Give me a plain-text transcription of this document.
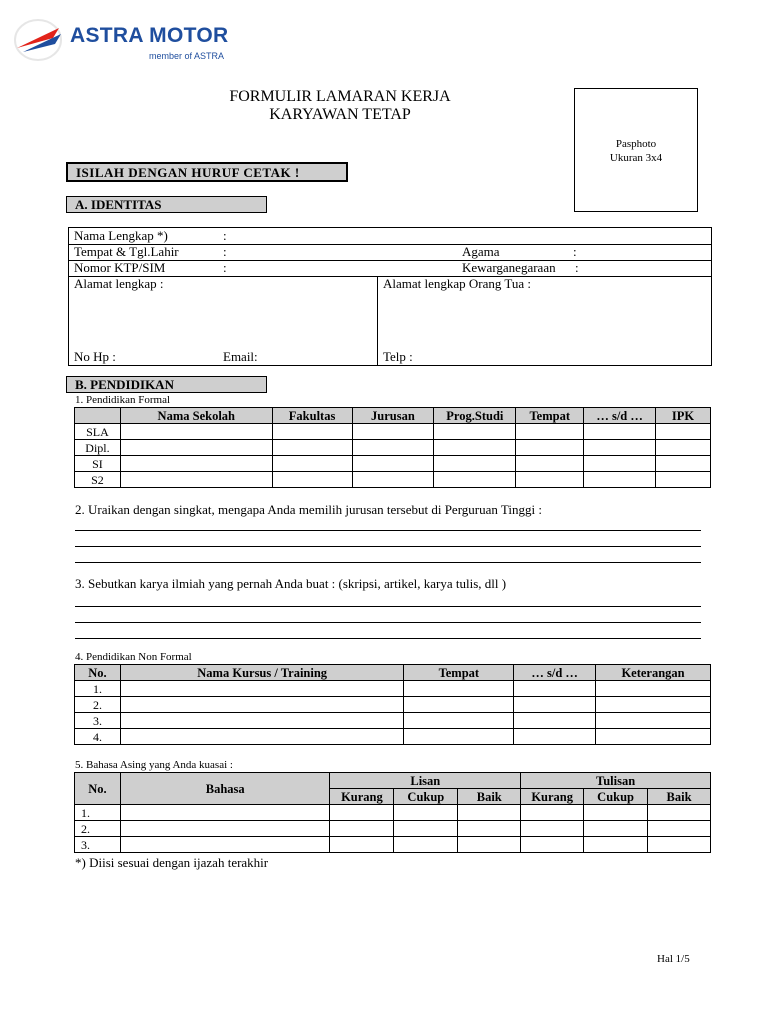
ASTRA MOTOR
member of ASTRA
FORMULIR LAMARAN KERJA
KARYAWAN TETAP
Pasphoto
Ukuran 3x4
ISILAH DENGAN HURUF CETAK !
A. IDENTITAS
Nama Lengkap *)	:
Tempat & Tgl.Lahir	:	Agama	:
Nomor KTP/SIM	:	Kewarganegaraan :
Alamat lengkap :	Alamat lengkap Orang Tua :
No Hp :	Email:	Telp :
B. PENDIDIKAN
1. Pendidikan Formal
	Nama Sekolah	Fakultas	Jurusan	Prog.Studi	Tempat	… s/d …	IPK
SLA							
Dipl.							
SI							
S2							
2. Uraikan dengan singkat, mengapa Anda memilih jurusan tersebut di Perguruan Tinggi :
3. Sebutkan karya ilmiah yang pernah Anda buat : (skripsi, artikel, karya tulis, dll )
4. Pendidikan Non Formal
No.	Nama Kursus / Training	Tempat	… s/d …	Keterangan
1.				
2.				
3.				
4.				
5. Bahasa Asing yang Anda kuasai :
No.	Bahasa	Lisan			Tulisan		
		Kurang	Cukup	Baik	Kurang	Cukup	Baik
1.							
2.							
3.							
*) Diisi sesuai dengan ijazah terakhir
Hal 1/5
